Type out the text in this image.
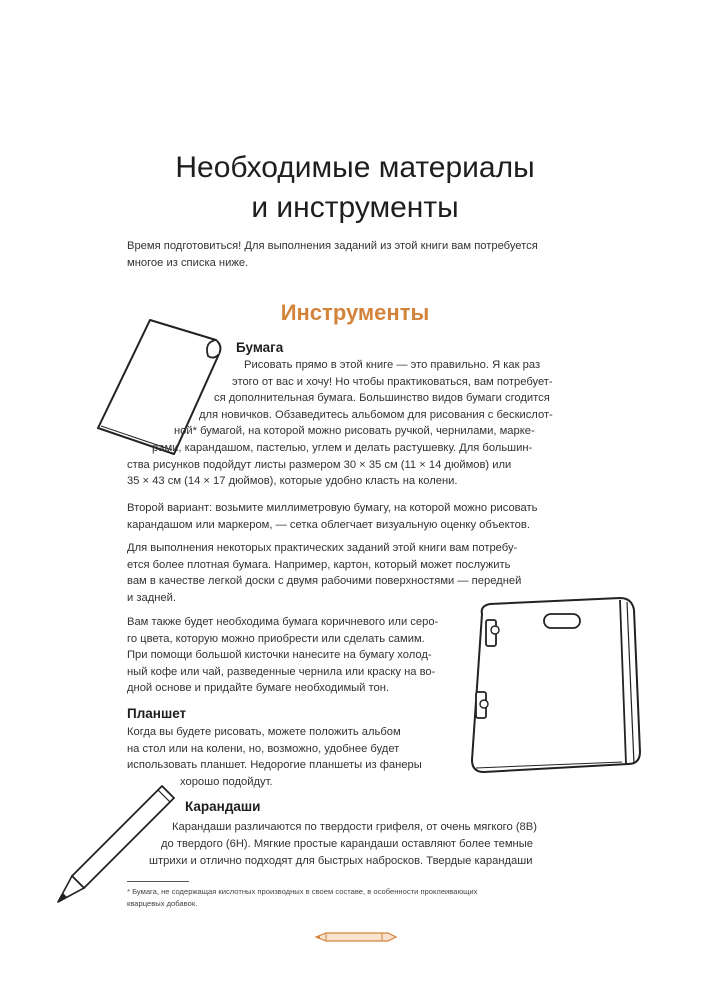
Необходимые материалы
и инструменты
Время подготовиться! Для выполнения заданий из этой книги вам потребуется
многое из списка ниже.
Инструменты
Бумага
Рисовать прямо в этой книге — это правильно. Я как раз
этого от вас и хочу! Но чтобы практиковаться, вам потребует-
ся дополнительная бумага. Большинство видов бумаги сгодится
для новичков. Обзаведитесь альбомом для рисования с бескислот-
ной* бумагой, на которой можно рисовать ручкой, чернилами, марке-
рами, карандашом, пастелью, углем и делать растушевку. Для большин-
ства рисунков подойдут листы размером 30 × 35 см (11 × 14 дюймов) или
35 × 43 см (14 × 17 дюймов), которые удобно класть на колени.
Второй вариант: возьмите миллиметровую бумагу, на которой можно рисовать
карандашом или маркером, — сетка облегчает визуальную оценку объектов.
Для выполнения некоторых практических заданий этой книги вам потребу-
ется более плотная бумага. Например, картон, который может послужить
вам в качестве легкой доски с двумя рабочими поверхностями — передней
и задней.
Вам также будет необходима бумага коричневого или серо-
го цвета, которую можно приобрести или сделать самим.
При помощи большой кисточки нанесите на бумагу холод-
ный кофе или чай, разведенные чернила или краску на во-
дной основе и придайте бумаге необходимый тон.
Планшет
Когда вы будете рисовать, можете положить альбом
на стол или на колени, но, возможно, удобнее будет
использовать планшет. Недорогие планшеты из фанеры
хорошо подойдут.
Карандаши
Карандаши различаются по твердости грифеля, от очень мягкого (8B)
до твердого (6H). Мягкие простые карандаши оставляют более темные
штрихи и отлично подходят для быстрых набросков. Твердые карандаши
* Бумага, не содержащая кислотных производных в своем составе, в особенности проклеивающих
кварцевых добавок.
